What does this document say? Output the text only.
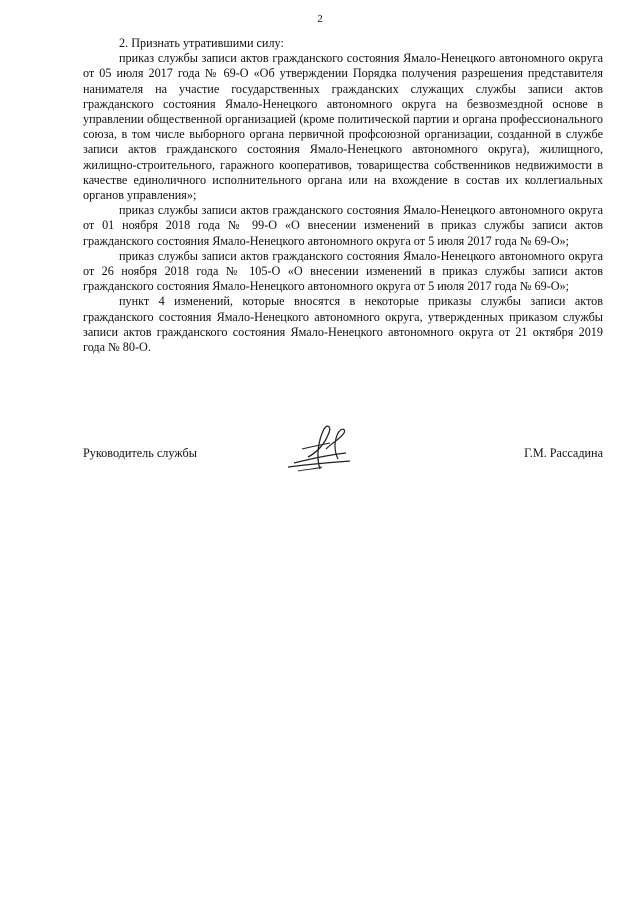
2

2. Признать утратившими силу:

приказ службы записи актов гражданского состояния Ямало-Ненецкого автономного округа от 05 июля 2017 года № 69-О «Об утверждении Порядка получения разрешения представителя нанимателя на участие государственных гражданских служащих службы записи актов гражданского состояния Ямало-Ненецкого автономного округа на безвозмездной основе в управлении общественной организацией (кроме политической партии и органа профессионального союза, в том числе выборного органа первичной профсоюзной организации, созданной в службе записи актов гражданского состояния Ямало-Ненецкого автономного округа), жилищного, жилищно-строительного, гаражного кооперативов, товарищества собственников недвижимости в качестве единоличного исполнительного органа или на вхождение в состав их коллегиальных органов управления»;

приказ службы записи актов гражданского состояния Ямало-Ненецкого автономного округа от 01 ноября 2018 года № 99-О «О внесении изменений в приказ службы записи актов гражданского состояния Ямало-Ненецкого автономного округа от 5 июля 2017 года № 69-О»;

приказ службы записи актов гражданского состояния Ямало-Ненецкого автономного округа от 26 ноября 2018 года № 105-О «О внесении изменений в приказ службы записи актов гражданского состояния Ямало-Ненецкого автономного округа от 5 июля 2017 года № 69-О»;

пункт 4 изменений, которые вносятся в некоторые приказы службы записи актов гражданского состояния Ямало-Ненецкого автономного округа, утвержденных приказом службы записи актов гражданского состояния Ямало-Ненецкого автономного округа от 21 октября 2019 года № 80-О.

Руководитель службы	Г.М. Рассадина
